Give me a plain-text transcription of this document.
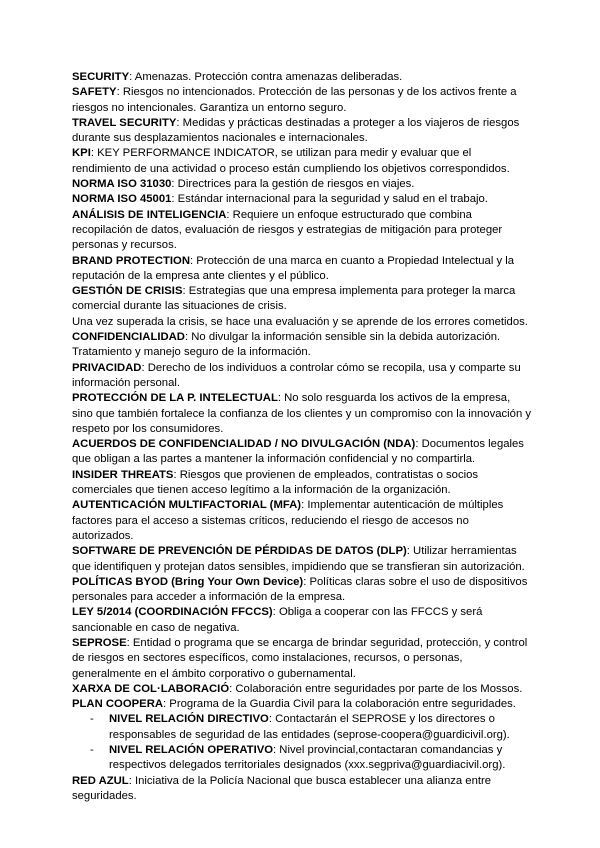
SECURITY: Amenazas. Protección contra amenazas deliberadas.

SAFETY: Riesgos no intencionados. Protección de las personas y de los activos frente a riesgos no intencionales. Garantiza un entorno seguro.

TRAVEL SECURITY: Medidas y prácticas destinadas a proteger a los viajeros de riesgos durante sus desplazamientos nacionales e internacionales.

KPI: KEY PERFORMANCE INDICATOR, se utilizan para medir y evaluar que el rendimiento de una actividad o proceso están cumpliendo los objetivos correspondidos.

NORMA ISO 31030: Directrices para la gestión de riesgos en viajes.

NORMA ISO 45001: Estándar internacional para la seguridad y salud en el trabajo.

ANÁLISIS DE INTELIGENCIA: Requiere un enfoque estructurado que combina recopilación de datos, evaluación de riesgos y estrategias de mitigación para proteger personas y recursos.

BRAND PROTECTION: Protección de una marca en cuanto a Propiedad Intelectual y la reputación de la empresa ante clientes y el público.

GESTIÓN DE CRISIS: Estrategias que una empresa implementa para proteger la marca comercial durante las situaciones de crisis.

Una vez superada la crisis, se hace una evaluación y se aprende de los errores cometidos.

CONFIDENCIALIDAD: No divulgar la información sensible sin la debida autorización. Tratamiento y manejo seguro de la información.

PRIVACIDAD: Derecho de los individuos a controlar cómo se recopila, usa y comparte su información personal.

PROTECCIÓN DE LA P. INTELECTUAL: No solo resguarda los activos de la empresa, sino que también fortalece la confianza de los clientes y un compromiso con la innovación y respeto por los consumidores.

ACUERDOS DE CONFIDENCIALIDAD / NO DIVULGACIÓN (NDA): Documentos legales que obligan a las partes a mantener la información confidencial y no compartirla.

INSIDER THREATS: Riesgos que provienen de empleados, contratistas o socios comerciales que tienen acceso legítimo a la información de la organización.

AUTENTICACIÓN MULTIFACTORIAL (MFA): Implementar autenticación de múltiples factores para el acceso a sistemas críticos, reduciendo el riesgo de accesos no autorizados.

SOFTWARE DE PREVENCIÓN DE PÉRDIDAS DE DATOS (DLP): Utilizar herramientas que identifiquen y protejan datos sensibles, impidiendo que se transfieran sin autorización.

POLÍTICAS BYOD (Bring Your Own Device): Políticas claras sobre el uso de dispositivos personales para acceder a información de la empresa.

LEY 5/2014 (COORDINACIÓN FFCCS): Obliga a cooperar con las FFCCS y será sancionable en caso de negativa.

SEPROSE: Entidad o programa que se encarga de brindar seguridad, protección, y control de riesgos en sectores específicos, como instalaciones, recursos, o personas, generalmente en el ámbito corporativo o gubernamental.

XARXA DE COL·LABORACIÓ: Colaboración entre seguridades por parte de los Mossos.

PLAN COOPERA: Programa de la Guardia Civil para la colaboración entre seguridades.

- NIVEL RELACIÓN DIRECTIVO: Contactarán el SEPROSE y los directores o responsables de seguridad de las entidades (seprose-coopera@guardicivil.org).
- NIVEL RELACIÓN OPERATIVO: Nivel provincial,contactaran comandancias y respectivos delegados territoriales designados (xxx.segpriva@guardiacivil.org).

RED AZUL: Iniciativa de la Policía Nacional que busca establecer una alianza entre seguridades.
